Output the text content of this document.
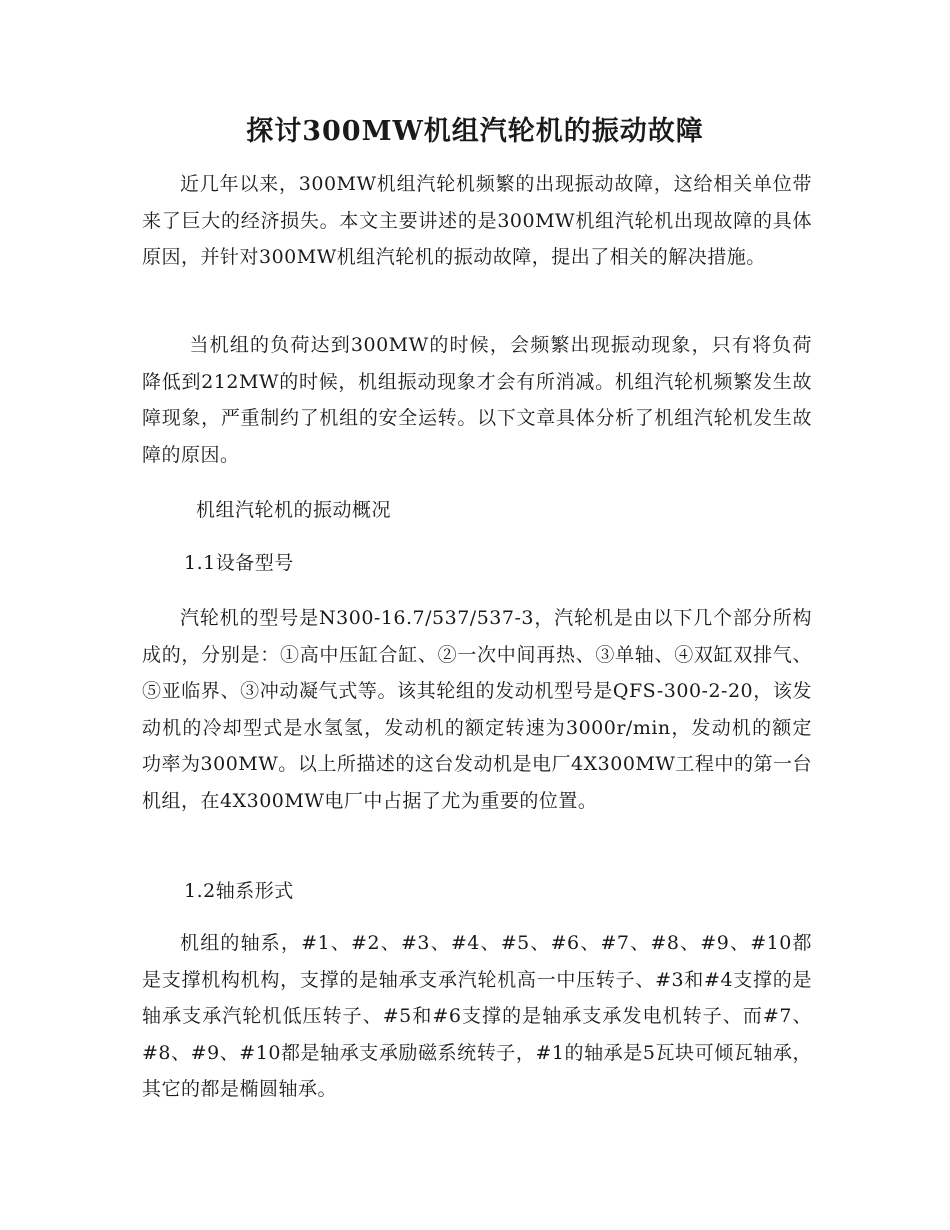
探讨300MW机组汽轮机的振动故障

近几年以来，300MW机组汽轮机频繁的出现振动故障，这给相关单位带来了巨大的经济损失。本文主要讲述的是300MW机组汽轮机出现故障的具体原因，并针对300MW机组汽轮机的振动故障，提出了相关的解决措施。

当机组的负荷达到300MW的时候，会频繁出现振动现象，只有将负荷降低到212MW的时候，机组振动现象才会有所消减。机组汽轮机频繁发生故障现象，严重制约了机组的安全运转。以下文章具体分析了机组汽轮机发生故障的原因。

机组汽轮机的振动概况

1.1设备型号

汽轮机的型号是N300-16.7/537/537-3，汽轮机是由以下几个部分所构成的，分别是：①高中压缸合缸、②一次中间再热、③单轴、④双缸双排气、⑤亚临界、③冲动凝气式等。该其轮组的发动机型号是QFS-300-2-20，该发动机的冷却型式是水氢氢，发动机的额定转速为3000r/min，发动机的额定功率为300MW。以上所描述的这台发动机是电厂4X300MW工程中的第一台机组，在4X300MW电厂中占据了尤为重要的位置。

1.2轴系形式

机组的轴系，#1、#2、#3、#4、#5、#6、#7、#8、#9、#10都是支撑机构机构，支撑的是轴承支承汽轮机高一中压转子、#3和#4支撑的是轴承支承汽轮机低压转子、#5和#6支撑的是轴承支承发电机转子、而#7、#8、#9、#10都是轴承支承励磁系统转子，#1的轴承是5瓦块可倾瓦轴承，其它的都是椭圆轴承。
